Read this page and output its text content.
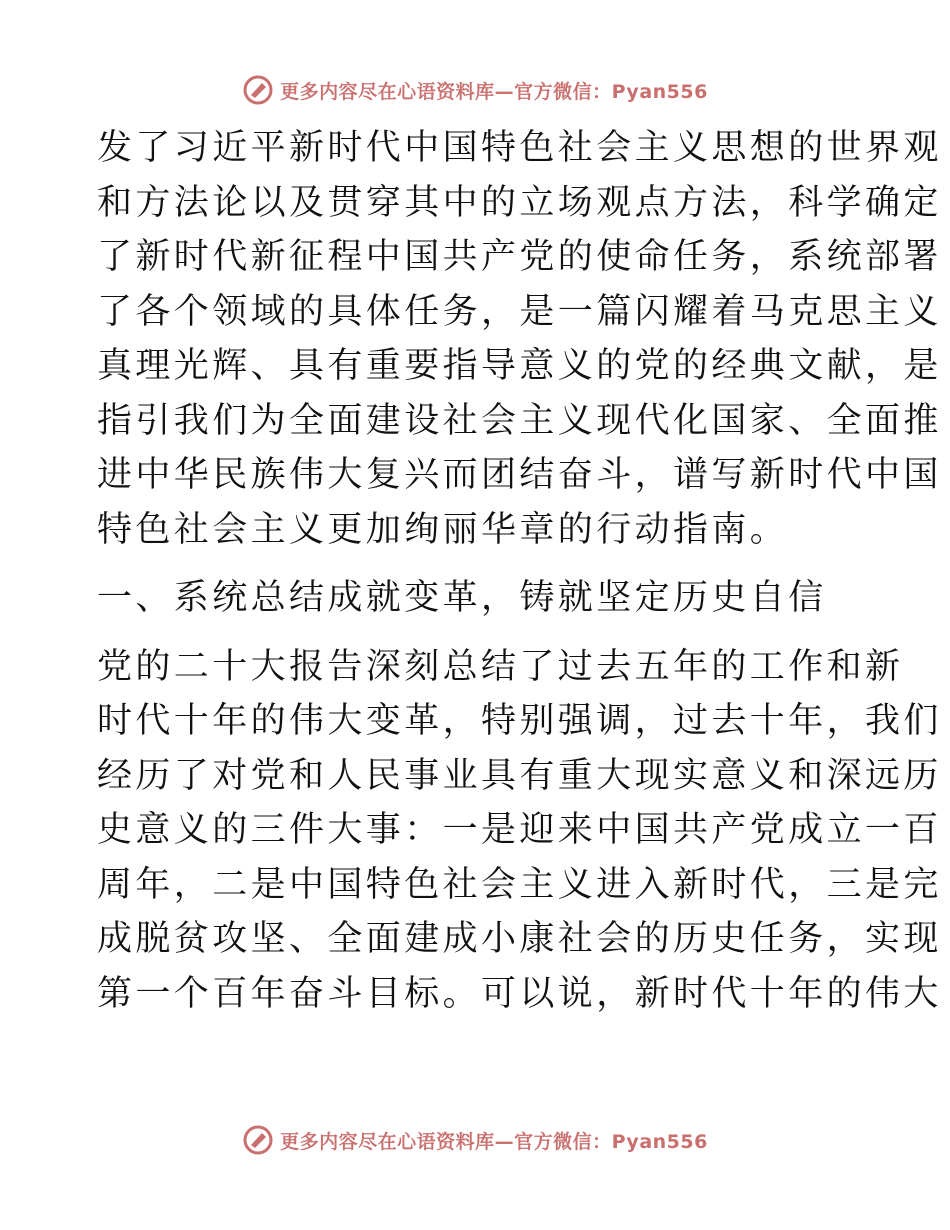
更多内容尽在心语资料库—官方微信：Pyan556
发了习近平新时代中国特色社会主义思想的世界观
和方法论以及贯穿其中的立场观点方法，科学确定
了新时代新征程中国共产党的使命任务，系统部署
了各个领域的具体任务，是一篇闪耀着马克思主义
真理光辉、具有重要指导意义的党的经典文献，是
指引我们为全面建设社会主义现代化国家、全面推
进中华民族伟大复兴而团结奋斗，谱写新时代中国
特色社会主义更加绚丽华章的行动指南。
一、系统总结成就变革，铸就坚定历史自信
党的二十大报告深刻总结了过去五年的工作和新
时代十年的伟大变革，特别强调，过去十年，我们
经历了对党和人民事业具有重大现实意义和深远历
史意义的三件大事：一是迎来中国共产党成立一百
周年，二是中国特色社会主义进入新时代，三是完
成脱贫攻坚、全面建成小康社会的历史任务，实现
第一个百年奋斗目标。可以说，新时代十年的伟大
更多内容尽在心语资料库—官方微信：Pyan556
